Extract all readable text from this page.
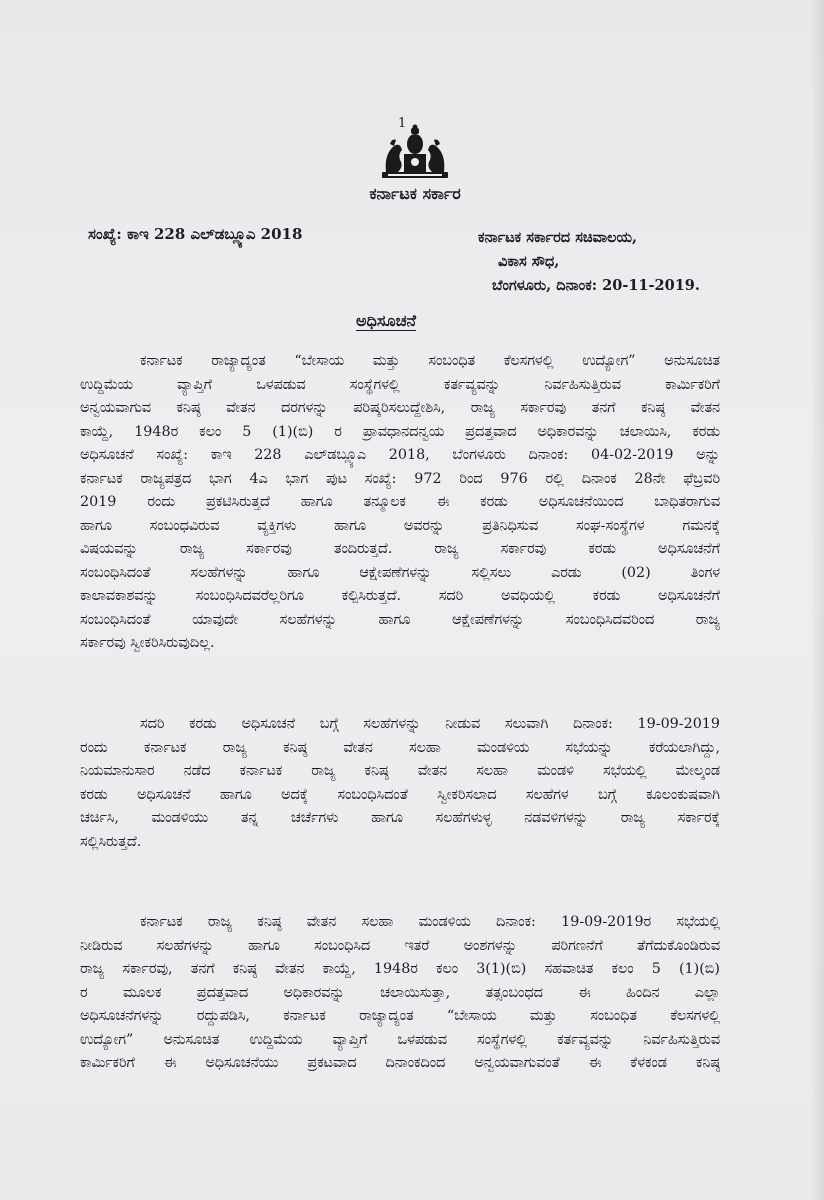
1
ಕರ್ನಾಟಕ ಸರ್ಕಾರ
ಸಂಖ್ಯೆ: ಕಾಇ 228 ಎಲ್‌ಡಬ್ಲ್ಯೂಎ 2018	ಕರ್ನಾಟಕ ಸರ್ಕಾರದ ಸಚಿವಾಲಯ,
ವಿಕಾಸ ಸೌಧ,
ಬೆಂಗಳೂರು, ದಿನಾಂಕ: 20-11-2019.
ಅಧಿಸೂಚನೆ
ಕರ್ನಾಟಕ ರಾಜ್ಯಾದ್ಯಂತ “ಬೇಸಾಯ ಮತ್ತು ಸಂಬಂಧಿತ ಕೆಲಸಗಳಲ್ಲಿ ಉದ್ಯೋಗ” ಅನುಸೂಚಿತ
ಉದ್ದಿಮೆಯ ವ್ಯಾಪ್ತಿಗೆ ಒಳಪಡುವ ಸಂಸ್ಥೆಗಳಲ್ಲಿ ಕರ್ತವ್ಯವನ್ನು ನಿರ್ವಹಿಸುತ್ತಿರುವ ಕಾರ್ಮಿಕರಿಗೆ
ಅನ್ವಯವಾಗುವ ಕನಿಷ್ಠ ವೇತನ ದರಗಳನ್ನು ಪರಿಷ್ಕರಿಸಲುದ್ದೇಶಿಸಿ, ರಾಜ್ಯ ಸರ್ಕಾರವು ತನಗೆ ಕನಿಷ್ಠ ವೇತನ
ಕಾಯ್ದೆ, 1948ರ ಕಲಂ 5 (1)(ಬಿ) ರ ಪ್ರಾವಧಾನದನ್ವಯ ಪ್ರದತ್ತವಾದ ಅಧಿಕಾರವನ್ನು ಚಲಾಯಿಸಿ, ಕರಡು
ಅಧಿಸೂಚನೆ ಸಂಖ್ಯೆ: ಕಾಇ 228 ಎಲ್‌ಡಬ್ಲ್ಯೂಎ 2018, ಬೆಂಗಳೂರು ದಿನಾಂಕ: 04-02-2019 ಅನ್ನು
ಕರ್ನಾಟಕ ರಾಜ್ಯಪತ್ರದ ಭಾಗ 4ಎ ಭಾಗ ಪುಟ ಸಂಖ್ಯೆ: 972 ರಿಂದ 976 ರಲ್ಲಿ ದಿನಾಂಕ 28ನೇ ಫೆಬ್ರವರಿ
2019 ರಂದು ಪ್ರಕಟಿಸಿರುತ್ತದೆ ಹಾಗೂ ತನ್ಮೂಲಕ ಈ ಕರಡು ಅಧಿಸೂಚನೆಯಿಂದ ಬಾಧಿತರಾಗುವ
ಹಾಗೂ ಸಂಬಂಧವಿರುವ ವ್ಯಕ್ತಿಗಳು ಹಾಗೂ ಅವರನ್ನು ಪ್ರತಿನಿಧಿಸುವ ಸಂಘ-ಸಂಸ್ಥೆಗಳ ಗಮನಕ್ಕೆ
ವಿಷಯವನ್ನು ರಾಜ್ಯ ಸರ್ಕಾರವು ತಂದಿರುತ್ತದೆ. ರಾಜ್ಯ ಸರ್ಕಾರವು ಕರಡು ಅಧಿಸೂಚನೆಗೆ
ಸಂಬಂಧಿಸಿದಂತೆ ಸಲಹೆಗಳನ್ನು ಹಾಗೂ ಆಕ್ಷೇಪಣೆಗಳನ್ನು ಸಲ್ಲಿಸಲು ಎರಡು (02) ತಿಂಗಳ
ಕಾಲಾವಕಾಶವನ್ನು ಸಂಬಂಧಿಸಿದವರೆಲ್ಲರಿಗೂ ಕಲ್ಪಿಸಿರುತ್ತದೆ. ಸದರಿ ಅವಧಿಯಲ್ಲಿ ಕರಡು ಅಧಿಸೂಚನೆಗೆ
ಸಂಬಂಧಿಸಿದಂತೆ ಯಾವುದೇ ಸಲಹೆಗಳನ್ನು ಹಾಗೂ ಆಕ್ಷೇಪಣೆಗಳನ್ನು ಸಂಬಂಧಿಸಿದವರಿಂದ ರಾಜ್ಯ
ಸರ್ಕಾರವು ಸ್ವೀಕರಿಸಿರುವುದಿಲ್ಲ.
ಸದರಿ ಕರಡು ಅಧಿಸೂಚನೆ ಬಗ್ಗೆ ಸಲಹೆಗಳನ್ನು ನೀಡುವ ಸಲುವಾಗಿ ದಿನಾಂಕ: 19-09-2019
ರಂದು ಕರ್ನಾಟಕ ರಾಜ್ಯ ಕನಿಷ್ಠ ವೇತನ ಸಲಹಾ ಮಂಡಳಿಯ ಸಭೆಯನ್ನು ಕರೆಯಲಾಗಿದ್ದು,
ನಿಯಮಾನುಸಾರ ನಡೆದ ಕರ್ನಾಟಕ ರಾಜ್ಯ ಕನಿಷ್ಠ ವೇತನ ಸಲಹಾ ಮಂಡಳಿ ಸಭೆಯಲ್ಲಿ ಮೇಲ್ಕಂಡ
ಕರಡು ಅಧಿಸೂಚನೆ ಹಾಗೂ ಅದಕ್ಕೆ ಸಂಬಂಧಿಸಿದಂತೆ ಸ್ವೀಕರಿಸಲಾದ ಸಲಹೆಗಳ ಬಗ್ಗೆ ಕೂಲಂಕುಷವಾಗಿ
ಚರ್ಚಿಸಿ, ಮಂಡಳಿಯು ತನ್ನ ಚರ್ಚೆಗಳು ಹಾಗೂ ಸಲಹೆಗಳುಳ್ಳ ನಡವಳಿಗಳನ್ನು ರಾಜ್ಯ ಸರ್ಕಾರಕ್ಕೆ
ಸಲ್ಲಿಸಿರುತ್ತದೆ.
ಕರ್ನಾಟಕ ರಾಜ್ಯ ಕನಿಷ್ಠ ವೇತನ ಸಲಹಾ ಮಂಡಳಿಯ ದಿನಾಂಕ: 19-09-2019ರ ಸಭೆಯಲ್ಲಿ
ನೀಡಿರುವ ಸಲಹೆಗಳನ್ನು ಹಾಗೂ ಸಂಬಂಧಿಸಿದ ಇತರೆ ಅಂಶಗಳನ್ನು ಪರಿಗಣನೆಗೆ ತೆಗೆದುಕೊಂಡಿರುವ
ರಾಜ್ಯ ಸರ್ಕಾರವು, ತನಗೆ ಕನಿಷ್ಠ ವೇತನ ಕಾಯ್ದೆ, 1948ರ ಕಲಂ 3(1)(ಬಿ) ಸಹವಾಚಿತ ಕಲಂ 5 (1)(ಬಿ)
ರ ಮೂಲಕ ಪ್ರದತ್ತವಾದ ಅಧಿಕಾರವನ್ನು ಚಲಾಯಿಸುತ್ತಾ, ತತ್ಸಂಬಂಧದ ಈ ಹಿಂದಿನ ಎಲ್ಲಾ
ಅಧಿಸೂಚನೆಗಳನ್ನು ರದ್ದುಪಡಿಸಿ, ಕರ್ನಾಟಕ ರಾಜ್ಯಾದ್ಯಂತ “ಬೇಸಾಯ ಮತ್ತು ಸಂಬಂಧಿತ ಕೆಲಸಗಳಲ್ಲಿ
ಉದ್ಯೋಗ” ಅನುಸೂಚಿತ ಉದ್ದಿಮೆಯ ವ್ಯಾಪ್ತಿಗೆ ಒಳಪಡುವ ಸಂಸ್ಥೆಗಳಲ್ಲಿ ಕರ್ತವ್ಯವನ್ನು ನಿರ್ವಹಿಸುತ್ತಿರುವ
ಕಾರ್ಮಿಕರಿಗೆ ಈ ಅಧಿಸೂಚನೆಯು ಪ್ರಕಟವಾದ ದಿನಾಂಕದಿಂದ ಅನ್ವಯವಾಗುವಂತೆ ಈ ಕೆಳಕಂಡ ಕನಿಷ್ಠ
